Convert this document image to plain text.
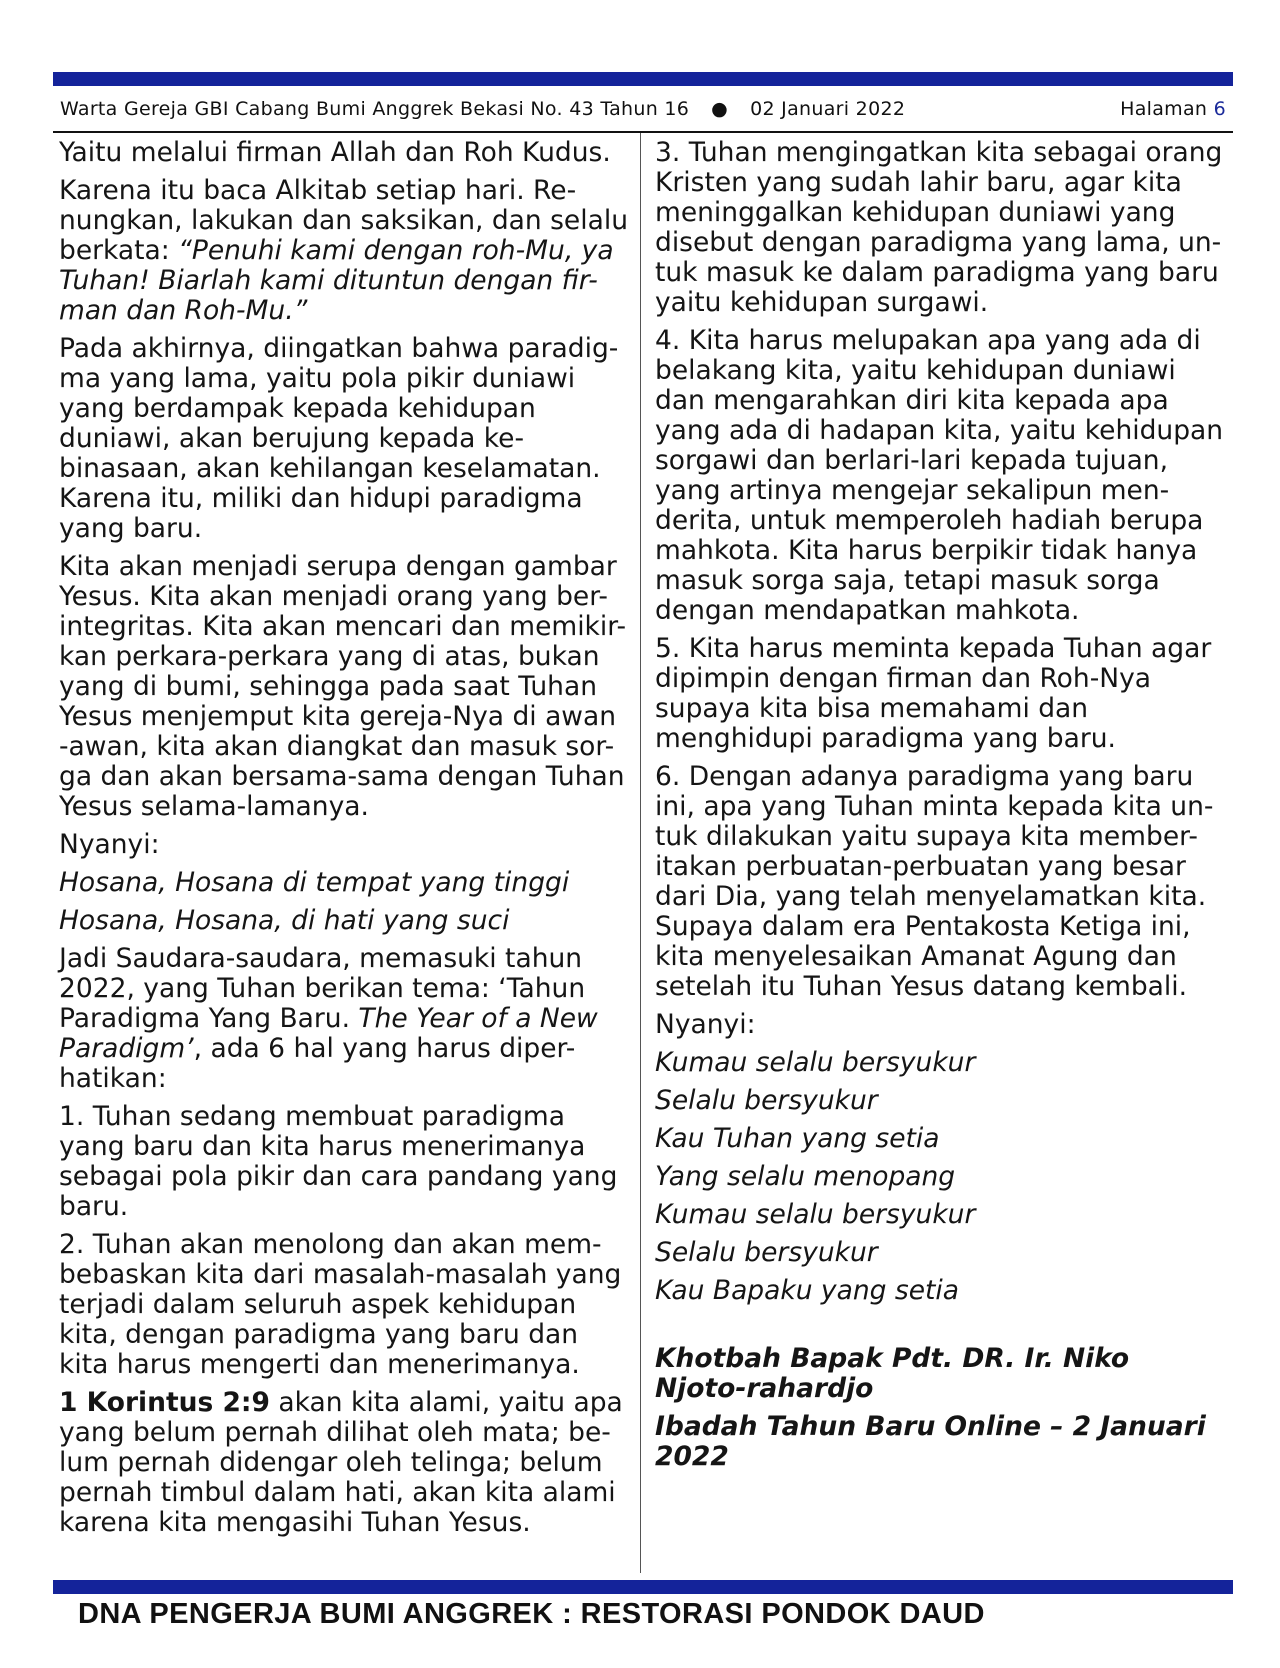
Warta Gereja GBI Cabang Bumi Anggrek Bekasi No. 43 Tahun 16 ● 02 Januari 2022	Halaman 6

Yaitu melalui firman Allah dan Roh Kudus.

Karena itu baca Alkitab setiap hari. Re-nungkan, lakukan dan saksikan, dan selalu berkata: “Penuhi kami dengan roh-Mu, ya Tuhan! Biarlah kami dituntun dengan fir-man dan Roh-Mu.”

Pada akhirnya, diingatkan bahwa paradig-ma yang lama, yaitu pola pikir duniawi yang berdampak kepada kehidupan duniawi, akan berujung kepada ke-binasaan, akan kehilangan keselamatan. Karena itu, miliki dan hidupi paradigma yang baru.

Kita akan menjadi serupa dengan gambar Yesus. Kita akan menjadi orang yang ber-integritas. Kita akan mencari dan memikir-kan perkara-perkara yang di atas, bukan yang di bumi, sehingga pada saat Tuhan Yesus menjemput kita gereja-Nya di awan -awan, kita akan diangkat dan masuk sor-ga dan akan bersama-sama dengan Tuhan Yesus selama-lamanya.

Nyanyi:

Hosana, Hosana di tempat yang tinggi

Hosana, Hosana, di hati yang suci

Jadi Saudara-saudara, memasuki tahun 2022, yang Tuhan berikan tema: ‘Tahun Paradigma Yang Baru. The Year of a New Paradigm’, ada 6 hal yang harus diper-hatikan:

1. Tuhan sedang membuat paradigma yang baru dan kita harus menerimanya sebagai pola pikir dan cara pandang yang baru.

2. Tuhan akan menolong dan akan mem-bebaskan kita dari masalah-masalah yang terjadi dalam seluruh aspek kehidupan kita, dengan paradigma yang baru dan kita harus mengerti dan menerimanya.

1 Korintus 2:9 akan kita alami, yaitu apa yang belum pernah dilihat oleh mata; be-lum pernah didengar oleh telinga; belum pernah timbul dalam hati, akan kita alami karena kita mengasihi Tuhan Yesus.

3. Tuhan mengingatkan kita sebagai orang Kristen yang sudah lahir baru, agar kita meninggalkan kehidupan duniawi yang disebut dengan paradigma yang lama, un-tuk masuk ke dalam paradigma yang baru yaitu kehidupan surgawi.

4. Kita harus melupakan apa yang ada di belakang kita, yaitu kehidupan duniawi dan mengarahkan diri kita kepada apa yang ada di hadapan kita, yaitu kehidupan sorgawi dan berlari-lari kepada tujuan, yang artinya mengejar sekalipun men-derita, untuk memperoleh hadiah berupa mahkota. Kita harus berpikir tidak hanya masuk sorga saja, tetapi masuk sorga dengan mendapatkan mahkota.

5. Kita harus meminta kepada Tuhan agar dipimpin dengan firman dan Roh-Nya supaya kita bisa memahami dan menghidupi paradigma yang baru.

6. Dengan adanya paradigma yang baru ini, apa yang Tuhan minta kepada kita un-tuk dilakukan yaitu supaya kita member-itakan perbuatan-perbuatan yang besar dari Dia, yang telah menyelamatkan kita. Supaya dalam era Pentakosta Ketiga ini, kita menyelesaikan Amanat Agung dan setelah itu Tuhan Yesus datang kembali.

Nyanyi:

Kumau selalu bersyukur

Selalu bersyukur

Kau Tuhan yang setia

Yang selalu menopang

Kumau selalu bersyukur

Selalu bersyukur

Kau Bapaku yang setia

Khotbah Bapak Pdt. DR. Ir. Niko Njoto-rahardjo

Ibadah Tahun Baru Online – 2 Januari 2022

DNA PENGERJA BUMI ANGGREK : RESTORASI PONDOK DAUD
